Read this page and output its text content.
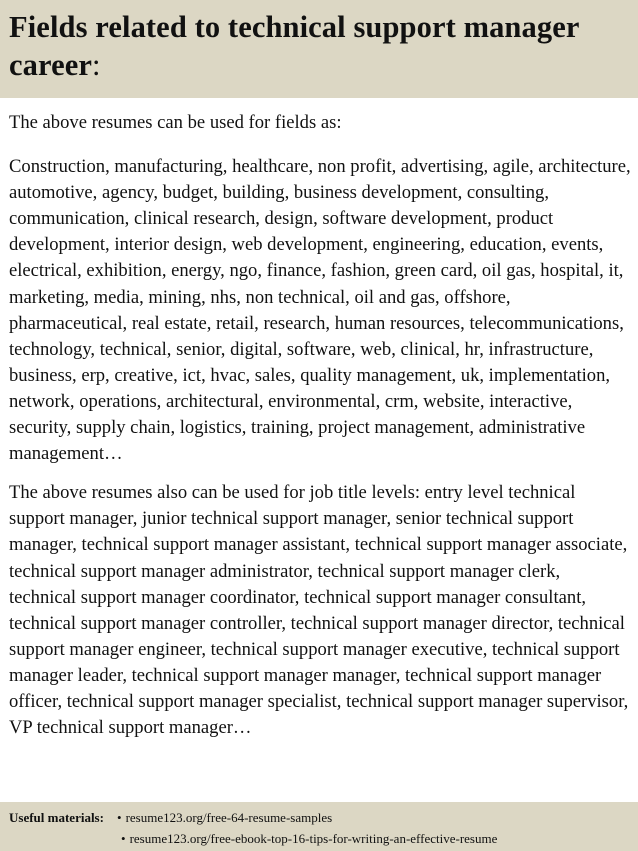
Fields related to technical support manager career:

The above resumes can be used for fields as:

Construction, manufacturing, healthcare, non profit, advertising, agile, architecture, automotive, agency, budget, building, business development, consulting, communication, clinical research, design, software development, product development, interior design, web development, engineering, education, events, electrical, exhibition, energy, ngo, finance, fashion, green card, oil gas, hospital, it, marketing, media, mining, nhs, non technical, oil and gas, offshore, pharmaceutical, real estate, retail, research, human resources, telecommunications, technology, technical, senior, digital, software, web, clinical, hr, infrastructure, business, erp, creative, ict, hvac, sales, quality management, uk, implementation, network, operations, architectural, environmental, crm, website, interactive, security, supply chain, logistics, training, project management, administrative management…

The above resumes also can be used for job title levels: entry level technical support manager, junior technical support manager, senior technical support manager, technical support manager assistant, technical support manager associate, technical support manager administrator, technical support manager clerk, technical support manager coordinator, technical support manager consultant, technical support manager controller, technical support manager director, technical support manager engineer, technical support manager executive, technical support manager leader, technical support manager manager, technical support manager officer, technical support manager specialist, technical support manager supervisor, VP technical support manager…

Useful materials:	• resume123.org/free-64-resume-samples
• resume123.org/free-ebook-top-16-tips-for-writing-an-effective-resume
